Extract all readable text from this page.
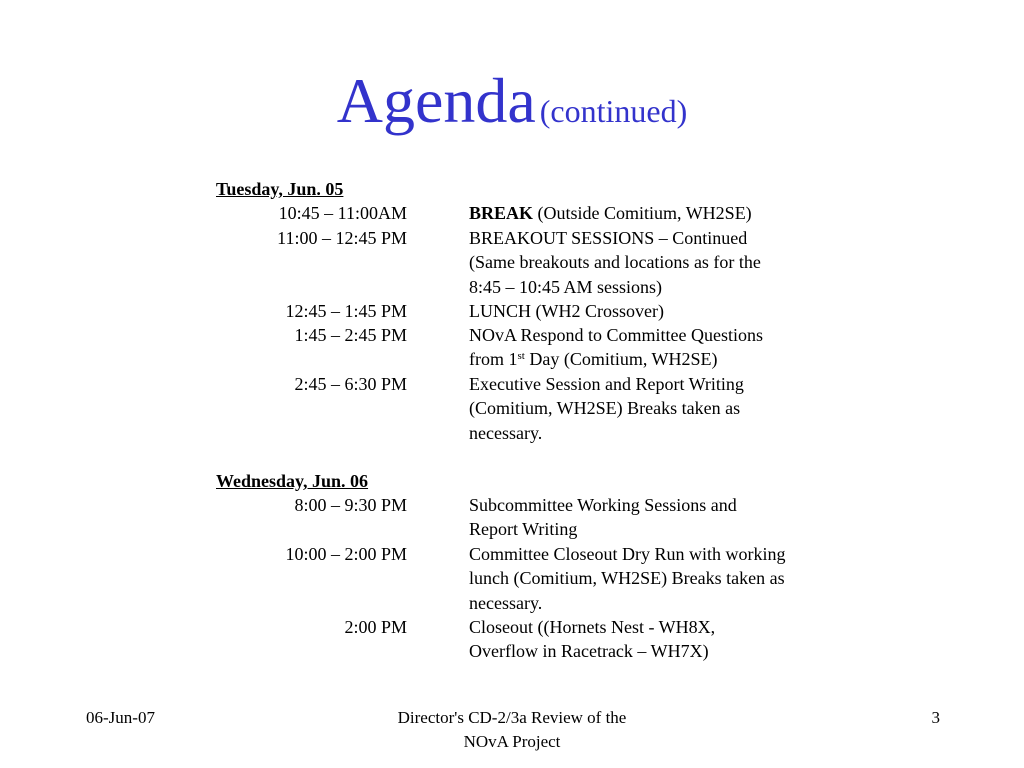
Agenda (continued)
Tuesday, Jun. 05
10:45 – 11:00AM	BREAK (Outside Comitium, WH2SE)
11:00 – 12:45 PM	BREAKOUT SESSIONS – Continued
(Same breakouts and locations as for the
8:45 – 10:45 AM sessions)
12:45 – 1:45 PM	LUNCH (WH2 Crossover)
1:45 – 2:45 PM	NOvA Respond to Committee Questions
from 1st Day (Comitium, WH2SE)
2:45 – 6:30 PM	Executive Session and Report Writing
(Comitium, WH2SE) Breaks taken as
necessary.
Wednesday, Jun. 06
8:00 – 9:30 PM	Subcommittee Working Sessions and
Report Writing
10:00 – 2:00 PM	Committee Closeout Dry Run with working
lunch (Comitium, WH2SE) Breaks taken as
necessary.
2:00 PM	Closeout ((Hornets Nest - WH8X,
Overflow in Racetrack – WH7X)
06-Jun-07	Director's CD-2/3a Review of the
NOvA Project
3
